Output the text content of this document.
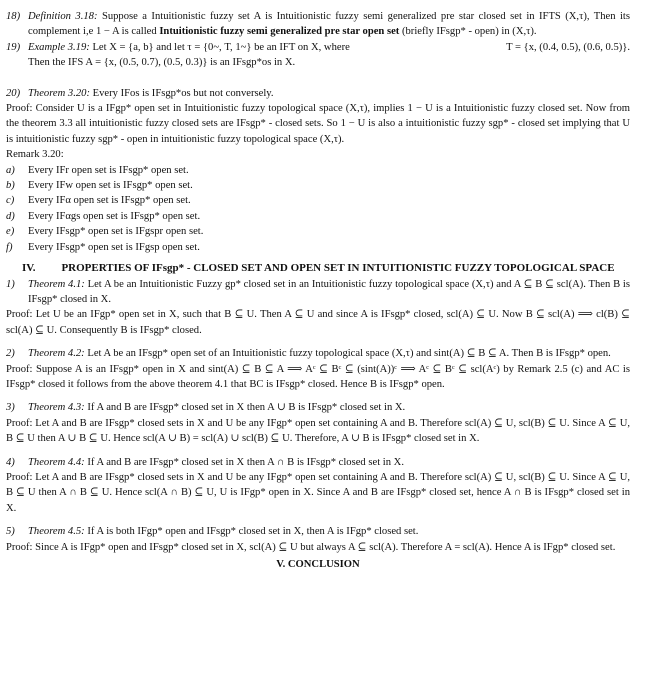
18) Definition 3.18: Suppose a Intuitionistic fuzzy set A is Intuitionistic fuzzy semi generalized pre star closed set in IFTS (X,τ), Then its complement i,e 1 − A is called Intuitionistic fuzzy semi generalized pre star open set (briefly IFsgp* - open) in (X,τ).
19) Example 3.19: Let X = {a, b} and let τ = {0~, T, 1~} be an IFT on X, where	T = {x, (0.4, 0.5), (0.6, 0.5)}.
Then the IFS A = {x, (0.5, 0.7), (0.5, 0.3)} is an IFsgp*os in X.
20) Theorem 3.20: Every IFos is IFsgp*os but not conversely.
Proof: Consider U is a IFgp* open set in Intuitionistic fuzzy topological space (X,τ), implies 1 − U is a Intuitionistic fuzzy closed set. Now from the theorem 3.3 all intuitionistic fuzzy closed sets are IFsgp* - closed sets. So 1 − U is also a intuitionistic fuzzy sgp* - closed set implying that U is intuitionistic fuzzy sgp* - open in intuitionistic fuzzy topological space (X,τ).
Remark 3.20:
a) Every IFr open set is IFsgp* open set.
b) Every IFw open set is IFsgp* open set.
c) Every IFα open set is IFsgp* open set.
d) Every IFαgs open set is IFsgp* open set.
e) Every IFsgp* open set is IFgspr open set.
f) Every IFsgp* open set is IFgsp open set.
IV. PROPERTIES OF IFsgp* - CLOSED SET AND OPEN SET IN INTUITIONISTIC FUZZY TOPOLOGICAL SPACE
1) Theorem 4.1: Let A be an Intuitionistic Fuzzy gp* closed set in an Intuitionistic fuzzy topological space (X,τ) and A ⊆ B ⊆ scl(A). Then B is IFsgp* closed in X.
Proof: Let U be an IFgp* open set in X, such that B ⊆ U. Then A ⊆ U and since A is IFsgp* closed, scl(A) ⊆ U. Now B ⊆ scl(A) ⟹ cl(B) ⊆ scl(A) ⊆ U. Consequently B is IFsgp* closed.
2) Theorem 4.2: Let A be an IFsgp* open set of an Intuitionistic fuzzy topological space (X,τ) and sint(A) ⊆ B ⊆ A. Then B is IFsgp* open.
Proof: Suppose A is an IFsgp* open in X and sint(A) ⊆ B ⊆ A ⟹ Aᶜ ⊆ Bᶜ ⊆ (sint(A))ᶜ ⟹ Aᶜ ⊆ Bᶜ ⊆ scl(Aᶜ) by Remark 2.5 (c) and AC is IFsgp* closed it follows from the above theorem 4.1 that BC is IFsgp* closed. Hence B is IFsgp* open.
3) Theorem 4.3: If A and B are IFsgp* closed set in X then A ∪ B is IFsgp* closed set in X.
Proof: Let A and B are IFsgp* closed sets in X and U be any IFgp* open set containing A and B. Therefore scl(A) ⊆ U, scl(B) ⊆ U. Since A ⊆ U, B ⊆ U then A ∪ B ⊆ U. Hence scl(A ∪ B) = scl(A) ∪ scl(B) ⊆ U. Therefore, A ∪ B is IFsgp* closed set in X.
4) Theorem 4.4: If A and B are IFsgp* closed set in X then A ∩ B is IFsgp* closed set in X.
Proof: Let A and B are IFsgp* closed sets in X and U be any IFgp* open set containing A and B. Therefore scl(A) ⊆ U, scl(B) ⊆ U. Since A ⊆ U, B ⊆ U then A ∩ B ⊆ U. Hence scl(A ∩ B) ⊆ U, U is IFgp* open in X. Since A and B are IFsgp* closed set, hence A ∩ B is IFsgp* closed set in X.
5) Theorem 4.5: If A is both IFgp* open and IFsgp* closed set in X, then A is IFgp* closed set.
Proof: Since A is IFgp* open and IFsgp* closed set in X, scl(A) ⊆ U but always A ⊆ scl(A). Therefore A = scl(A). Hence A is IFgp* closed set.
V. CONCLUSION
